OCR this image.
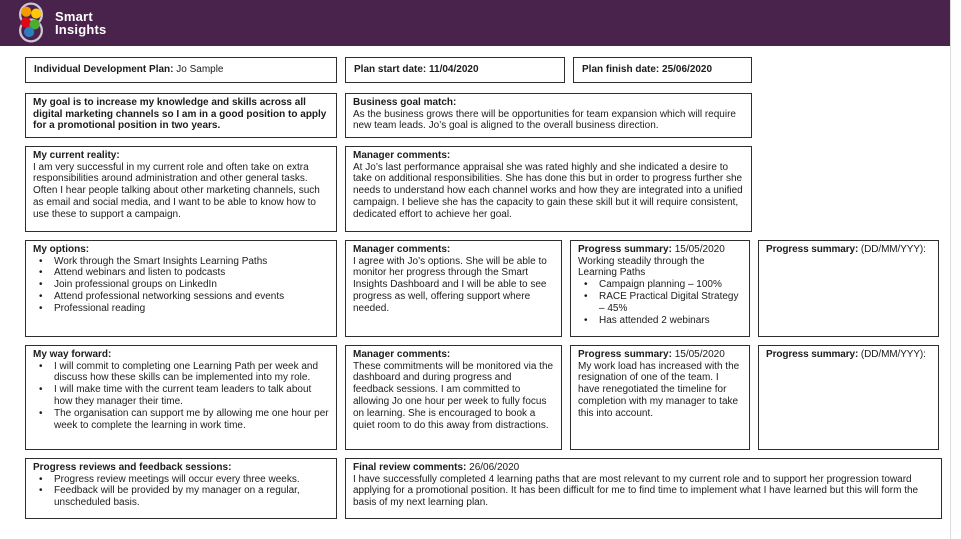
Smart
Insights
Individual Development Plan: Jo Sample	Plan start date: 11/04/2020	Plan finish date: 25/06/2020
My goal is to increase my knowledge and skills across all digital marketing channels so I am in a good position to apply for a promotional position in two years.
Business goal match:
As the business grows there will be opportunities for team expansion which will require new team leads. Jo’s goal is aligned to the overall business direction.
My current reality:
I am very successful in my current role and often take on extra responsibilities around administration and other general tasks. Often I hear people talking about other marketing channels, such as email and social media, and I want to be able to know how to use these to support a campaign.
Manager comments:
At Jo’s last performance appraisal she was rated highly and she indicated a desire to take on additional responsibilities. She has done this but in order to progress further she needs to understand how each channel works and how they are integrated into a unified campaign. I believe she has the capacity to gain these skill but it will require consistent, dedicated effort to achieve her goal.
My options:
• Work through the Smart Insights Learning Paths
• Attend webinars and listen to podcasts
• Join professional groups on LinkedIn
• Attend professional networking sessions and events
• Professional reading
Manager comments:
I agree with Jo’s options. She will be able to monitor her progress through the Smart Insights Dashboard and I will be able to see progress as well, offering support where needed.
Progress summary: 15/05/2020
Working steadily through the Learning Paths
• Campaign planning – 100%
• RACE Practical Digital Strategy – 45%
• Has attended 2 webinars
Progress summary: (DD/MM/YYY):
My way forward:
• I will commit to completing one Learning Path per week and discuss how these skills can be implemented into my role.
• I will make time with the current team leaders to talk about how they manager their time.
• The organisation can support me by allowing me one hour per week to complete the learning in work time.
Manager comments:
These commitments will be monitored via the dashboard and during progress and feedback sessions. I am committed to allowing Jo one hour per week to fully focus on learning. She is encouraged to book a quiet room to do this away from distractions.
Progress summary: 15/05/2020
My work load has increased with the resignation of one of the team. I have renegotiated the timeline for completion with my manager to take this into account.
Progress summary: (DD/MM/YYY):
Progress reviews and feedback sessions:
• Progress review meetings will occur every three weeks.
• Feedback will be provided by my manager on a regular, unscheduled basis.
Final review comments: 26/06/2020
I have successfully completed 4 learning paths that are most relevant to my current role and to support her progression toward applying for a promotional position. It has been difficult for me to find time to implement what I have learned but this will form the basis of my next learning plan.
